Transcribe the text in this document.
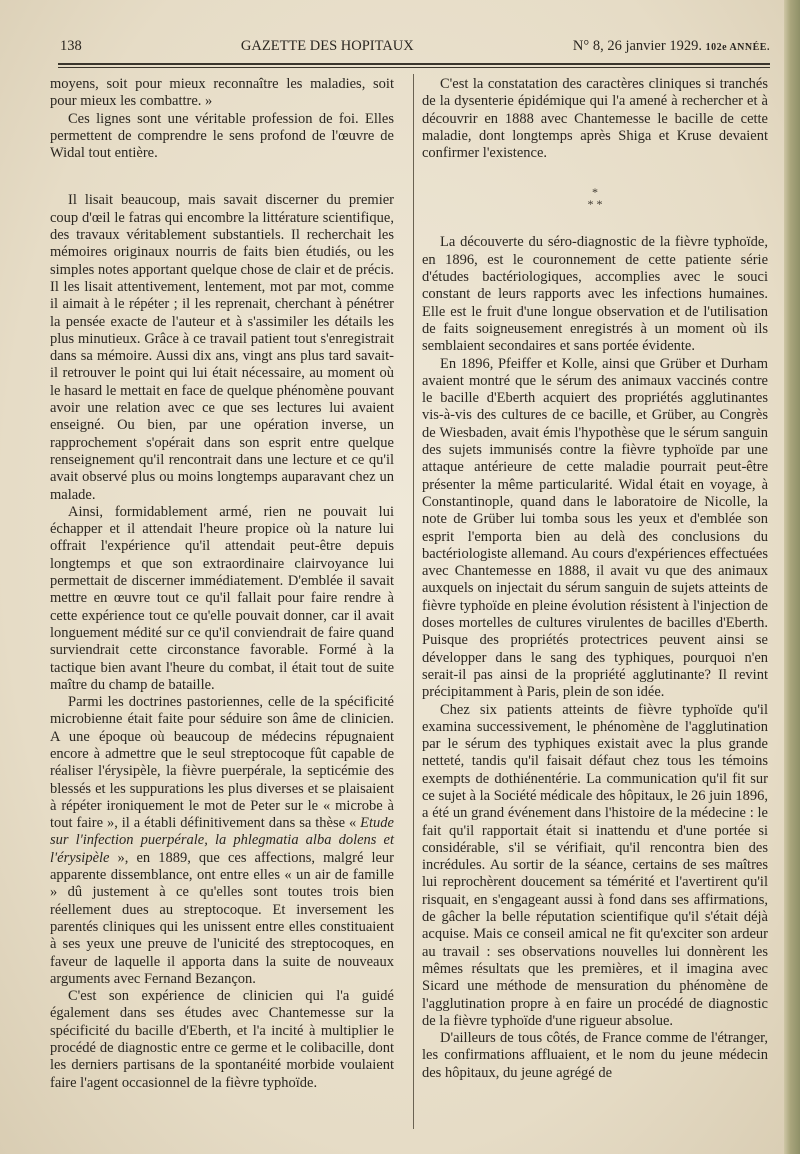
138	GAZETTE DES HOPITAUX	N° 8, 26 janvier 1929. 102e ANNÉE.

moyens, soit pour mieux reconnaître les maladies, soit pour mieux les combattre. »

Ces lignes sont une véritable profession de foi. Elles permettent de comprendre le sens profond de l'œuvre de Widal tout entière.

Il lisait beaucoup, mais savait discerner du premier coup d'œil le fatras qui encombre la littérature scientifique, des travaux véritablement substantiels. Il recherchait les mémoires originaux nourris de faits bien étudiés, ou les simples notes apportant quelque chose de clair et de précis. Il les lisait attentivement, lentement, mot par mot, comme il aimait à le répéter ; il les reprenait, cherchant à pénétrer la pensée exacte de l'auteur et à s'assimiler les détails les plus minutieux. Grâce à ce travail patient tout s'enregistrait dans sa mémoire. Aussi dix ans, vingt ans plus tard savait-il retrouver le point qui lui était nécessaire, au moment où le hasard le mettait en face de quelque phénomène pouvant avoir une relation avec ce que ses lectures lui avaient enseigné. Ou bien, par une opération inverse, un rapprochement s'opérait dans son esprit entre quelque renseignement qu'il rencontrait dans une lecture et ce qu'il avait observé plus ou moins longtemps auparavant chez un malade.

Ainsi, formidablement armé, rien ne pouvait lui échapper et il attendait l'heure propice où la nature lui offrait l'expérience qu'il attendait peut-être depuis longtemps et que son extraordinaire clairvoyance lui permettait de discerner immédiatement. D'emblée il savait mettre en œuvre tout ce qu'il fallait pour faire rendre à cette expérience tout ce qu'elle pouvait donner, car il avait longuement médité sur ce qu'il conviendrait de faire quand surviendrait cette circonstance favorable. Formé à la tactique bien avant l'heure du combat, il était tout de suite maître du champ de bataille.

Parmi les doctrines pastoriennes, celle de la spécificité microbienne était faite pour séduire son âme de clinicien. A une époque où beaucoup de médecins répugnaient encore à admettre que le seul streptocoque fût capable de réaliser l'érysipèle, la fièvre puerpérale, la septicémie des blessés et les suppurations les plus diverses et se plaisaient à répéter ironiquement le mot de Peter sur le « microbe à tout faire », il a établi définitivement dans sa thèse « Etude sur l'infection puerpérale, la phlegmatia alba dolens et l'érysipèle », en 1889, que ces affections, malgré leur apparente dissemblance, ont entre elles « un air de famille » dû justement à ce qu'elles sont toutes trois bien réellement dues au streptocoque. Et inversement les parentés cliniques qui les unissent entre elles constituaient à ses yeux une preuve de l'unicité des streptocoques, en faveur de laquelle il apporta dans la suite de nouveaux arguments avec Fernand Bezançon.

C'est son expérience de clinicien qui l'a guidé également dans ses études avec Chantemesse sur la spécificité du bacille d'Eberth, et l'a incité à multiplier le procédé de diagnostic entre ce germe et le colibacille, dont les derniers partisans de la spontanéité morbide voulaient faire l'agent occasionnel de la fièvre typhoïde.

C'est la constatation des caractères cliniques si tranchés de la dysenterie épidémique qui l'a amené à rechercher et à découvrir en 1888 avec Chantemesse le bacille de cette maladie, dont longtemps après Shiga et Kruse devaient confirmer l'existence.

*
* *

La découverte du séro-diagnostic de la fièvre typhoïde, en 1896, est le couronnement de cette patiente série d'études bactériologiques, accomplies avec le souci constant de leurs rapports avec les infections humaines. Elle est le fruit d'une longue observation et de l'utilisation de faits soigneusement enregistrés à un moment où ils semblaient secondaires et sans portée évidente.

En 1896, Pfeiffer et Kolle, ainsi que Grüber et Durham avaient montré que le sérum des animaux vaccinés contre le bacille d'Eberth acquiert des propriétés agglutinantes vis-à-vis des cultures de ce bacille, et Grüber, au Congrès de Wiesbaden, avait émis l'hypothèse que le sérum sanguin des sujets immunisés contre la fièvre typhoïde par une attaque antérieure de cette maladie pourrait peut-être présenter la même particularité. Widal était en voyage, à Constantinople, quand dans le laboratoire de Nicolle, la note de Grüber lui tomba sous les yeux et d'emblée son esprit l'emporta bien au delà des conclusions du bactériologiste allemand. Au cours d'expériences effectuées avec Chantemesse en 1888, il avait vu que des animaux auxquels on injectait du sérum sanguin de sujets atteints de fièvre typhoïde en pleine évolution résistent à l'injection de doses mortelles de cultures virulentes de bacilles d'Eberth. Puisque des propriétés protectrices peuvent ainsi se développer dans le sang des typhiques, pourquoi n'en serait-il pas ainsi de la propriété agglutinante? Il revint précipitamment à Paris, plein de son idée.

Chez six patients atteints de fièvre typhoïde qu'il examina successivement, le phénomène de l'agglutination par le sérum des typhiques existait avec la plus grande netteté, tandis qu'il faisait défaut chez tous les témoins exempts de dothiénentérie. La communication qu'il fit sur ce sujet à la Société médicale des hôpitaux, le 26 juin 1896, a été un grand événement dans l'histoire de la médecine : le fait qu'il rapportait était si inattendu et d'une portée si considérable, s'il se vérifiait, qu'il rencontra bien des incrédules. Au sortir de la séance, certains de ses maîtres lui reprochèrent doucement sa témérité et l'avertirent qu'il risquait, en s'engageant aussi à fond dans ses affirmations, de gâcher la belle réputation scientifique qu'il s'était déjà acquise. Mais ce conseil amical ne fit qu'exciter son ardeur au travail : ses observations nouvelles lui donnèrent les mêmes résultats que les premières, et il imagina avec Sicard une méthode de mensuration du phénomène de l'agglutination propre à en faire un procédé de diagnostic de la fièvre typhoïde d'une rigueur absolue.

D'ailleurs de tous côtés, de France comme de l'étranger, les confirmations affluaient, et le nom du jeune médecin des hôpitaux, du jeune agrégé de
